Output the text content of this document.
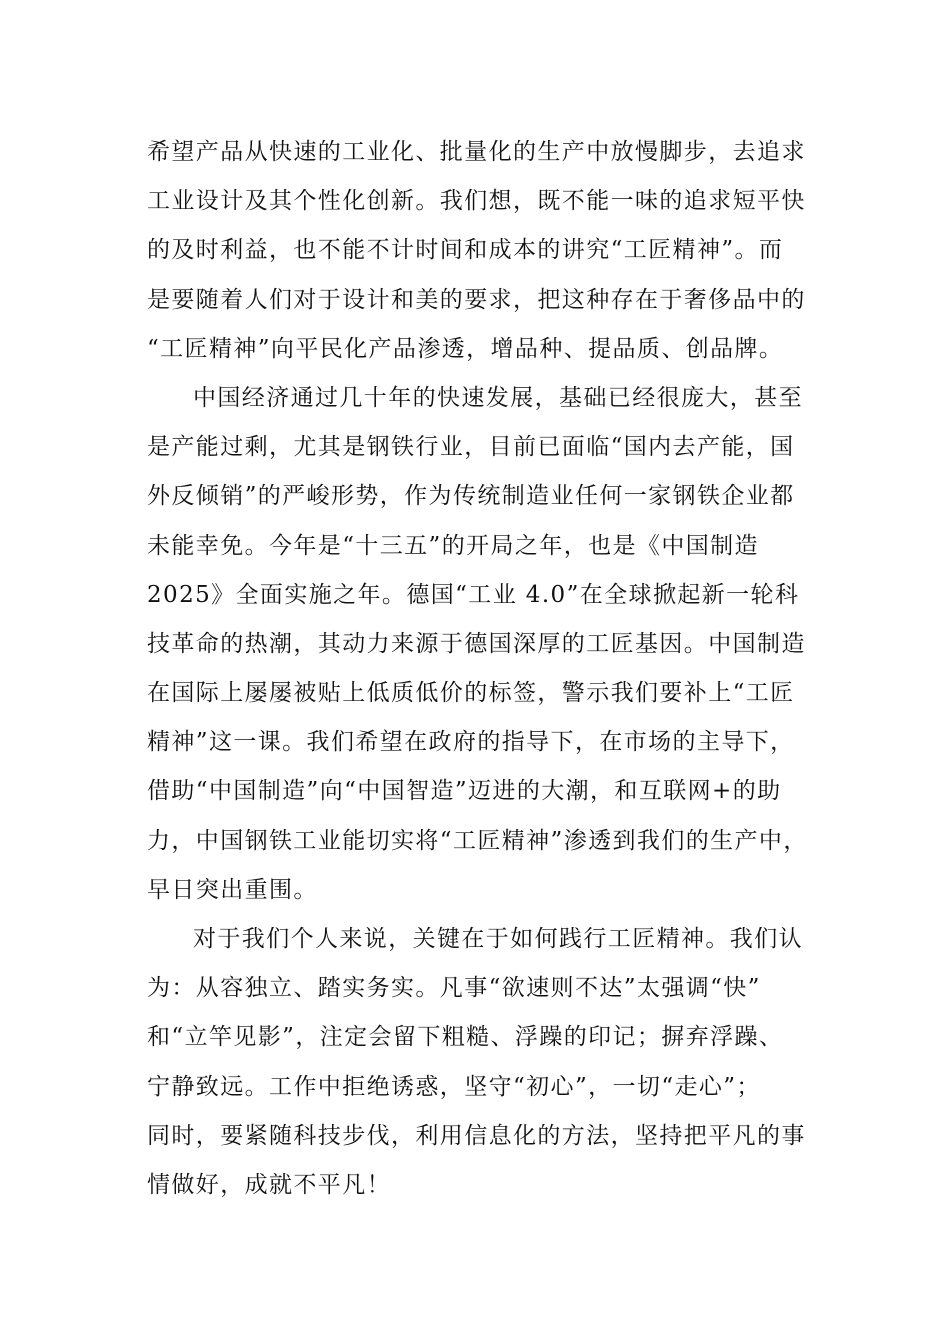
希望产品从快速的工业化、批量化的生产中放慢脚步，去追求
工业设计及其个性化创新。我们想，既不能一味的追求短平快
的及时利益，也不能不计时间和成本的讲究“工匠精神”。而
是要随着人们对于设计和美的要求，把这种存在于奢侈品中的
“工匠精神”向平民化产品渗透，增品种、提品质、创品牌。
中国经济通过几十年的快速发展，基础已经很庞大，甚至
是产能过剩，尤其是钢铁行业，目前已面临“国内去产能，国
外反倾销”的严峻形势，作为传统制造业任何一家钢铁企业都
未能幸免。今年是“十三五”的开局之年，也是《中国制造
2025》全面实施之年。德国“工业 4.0”在全球掀起新一轮科
技革命的热潮，其动力来源于德国深厚的工匠基因。中国制造
在国际上屡屡被贴上低质低价的标签，警示我们要补上“工匠
精神”这一课。我们希望在政府的指导下，在市场的主导下，
借助“中国制造”向“中国智造”迈进的大潮，和互联网+的助
力，中国钢铁工业能切实将“工匠精神”渗透到我们的生产中，
早日突出重围。
对于我们个人来说，关键在于如何践行工匠精神。我们认
为：从容独立、踏实务实。凡事“欲速则不达”太强调“快”
和“立竿见影”，注定会留下粗糙、浮躁的印记；摒弃浮躁、
宁静致远。工作中拒绝诱惑，坚守“初心”，一切“走心”；
同时，要紧随科技步伐，利用信息化的方法，坚持把平凡的事
情做好，成就不平凡！
